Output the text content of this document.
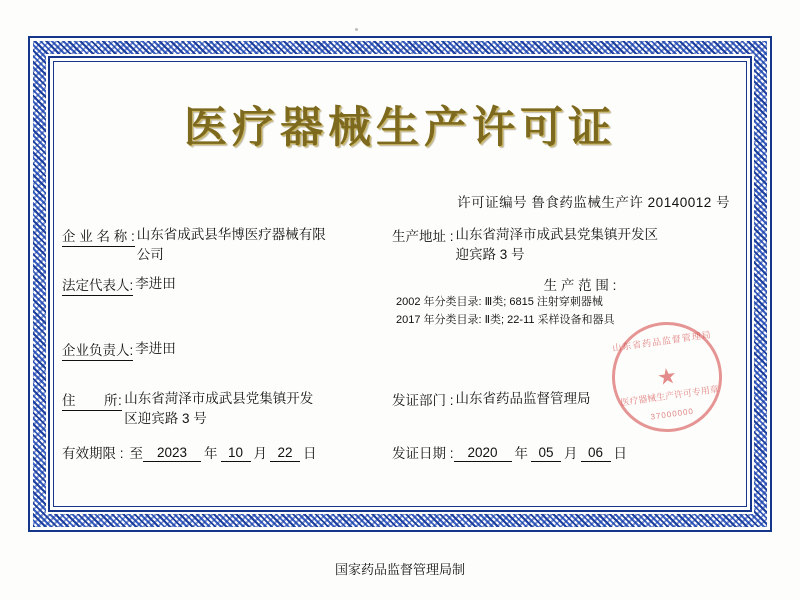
医疗器械生产许可证
许可证编号 鲁食药监械生产许 20140012 号
企 业 名 称 : 山东省成武县华博医疗器械有限公司
生产地址 : 山东省菏泽市成武县党集镇开发区迎宾路 3 号
法定代表人: 李进田	生 产 范 围 :
2002 年分类目录: Ⅲ类; 6815 注射穿刺器械
2017 年分类目录: Ⅱ类; 22-11 采样设备和器具
企业负责人: 李进田
住　　所: 山东省菏泽市成武县党集镇开发区迎宾路 3 号
发证部门 : 山东省药品监督管理局
有效期限 : 至	2023	年 10 月 22 日	发证日期 :	2020	年 05 月 06 日
山东省药品监督管理局
★
医疗器械生产许可专用章
37000000
国家药品监督管理局制
